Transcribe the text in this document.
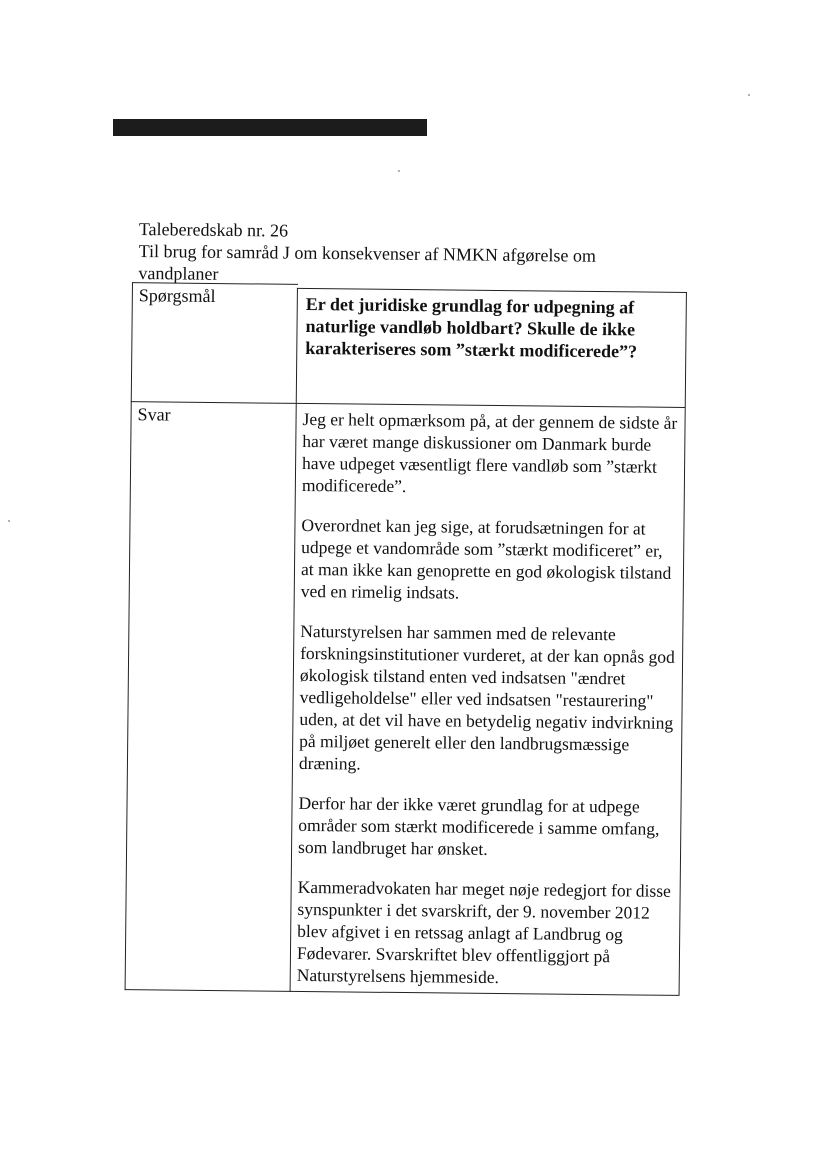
Taleberedskab nr. 26
Til brug for samråd J om konsekvenser af NMKN afgørelse om
vandplaner
Spørgsmål	Er det juridiske grundlag for udpegning af naturlige vandløb holdbart? Skulle de ikke karakteriseres som ”stærkt modificerede”?
Svar	Jeg er helt opmærksom på, at der gennem de sidste år har været mange diskussioner om Danmark burde have udpeget væsentligt flere vandløb som ”stærkt modificerede”.

Overordnet kan jeg sige, at forudsætningen for at udpege et vandområde som ”stærkt modificeret” er, at man ikke kan genoprette en god økologisk tilstand ved en rimelig indsats.

Naturstyrelsen har sammen med de relevante forskningsinstitutioner vurderet, at der kan opnås god økologisk tilstand enten ved indsatsen "ændret vedligeholdelse" eller ved indsatsen "restaurering" uden, at det vil have en betydelig negativ indvirkning på miljøet generelt eller den landbrugsmæssige dræning.

Derfor har der ikke været grundlag for at udpege områder som stærkt modificerede i samme omfang, som landbruget har ønsket.

Kammeradvokaten har meget nøje redegjort for disse synspunkter i det svarskrift, der 9. november 2012 blev afgivet i en retssag anlagt af Landbrug og Fødevarer. Svarskriftet blev offentliggjort på Naturstyrelsens hjemmeside.
